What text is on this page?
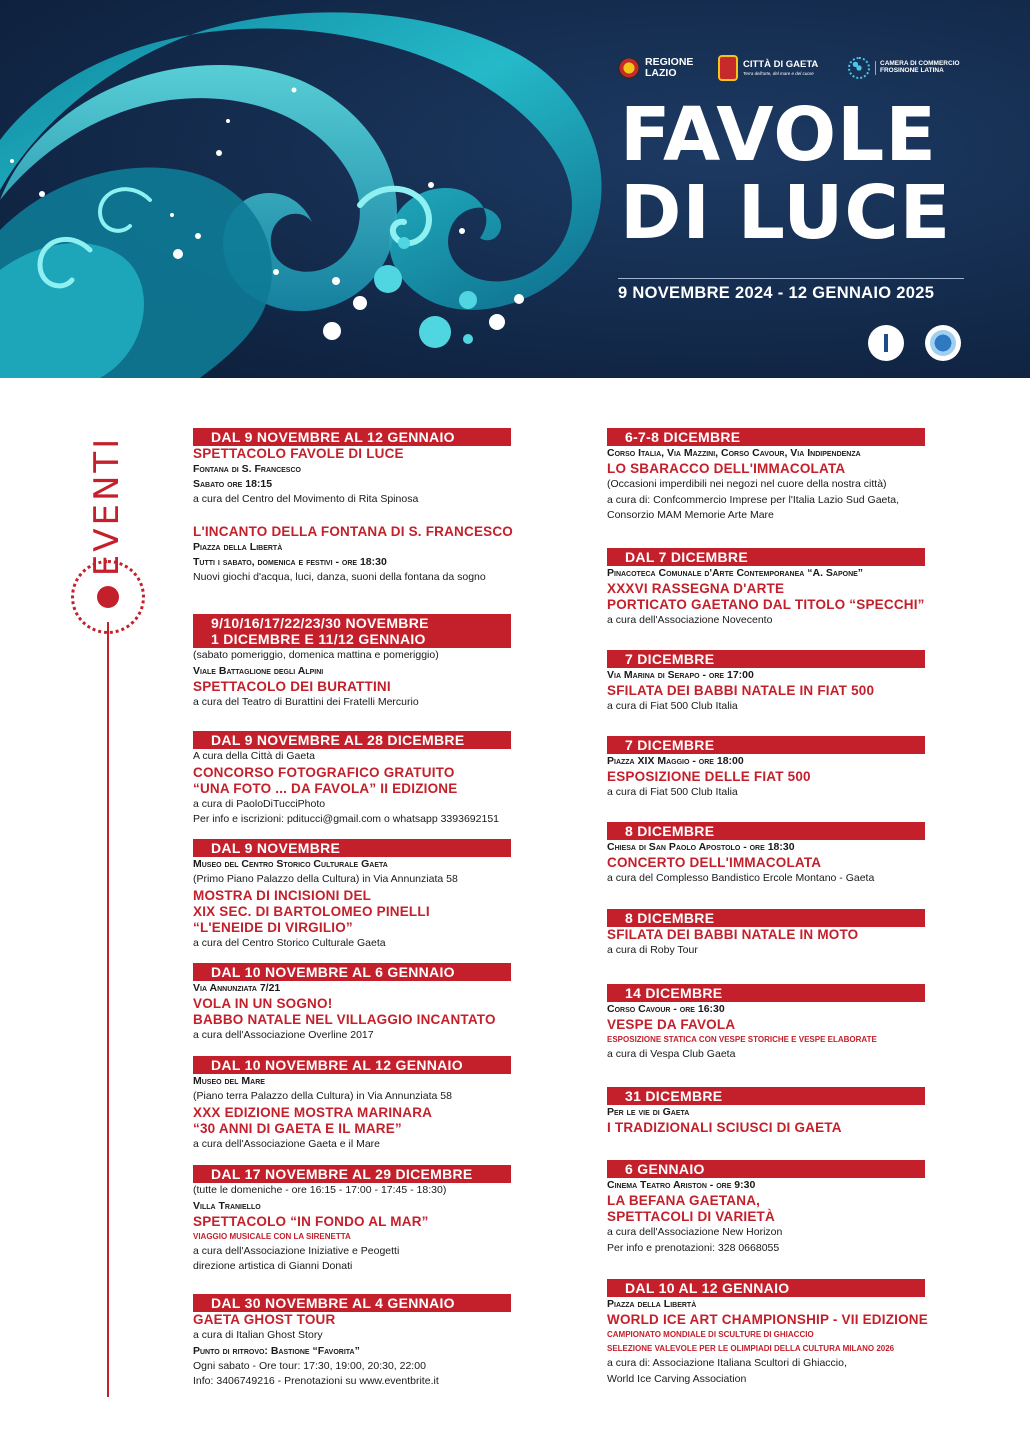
REGIONE LAZIO
CITTÀ DI GAETA
Terra dell'arte, del mare e del cuore
CAMERA DI COMMERCIO FROSINONE LATINA
FAVOLE
DI LUCE
9 NOVEMBRE 2024 - 12 GENNAIO 2025
EVENTI	DAL 9 NOVEMBRE AL 12 GENNAIO
SPETTACOLO FAVOLE DI LUCE
Fontana di S. Francesco
Sabato ore 18:15
a cura del Centro del Movimento di Rita Spinosa
L'INCANTO DELLA FONTANA DI S. FRANCESCO
Piazza della Libertà
Tutti i sabato, domenica e festivi - ore 18:30
Nuovi giochi d'acqua, luci, danza, suoni della fontana da sogno
9/10/16/17/22/23/30 NOVEMBRE
1 DICEMBRE E 11/12 GENNAIO
(sabato pomeriggio, domenica mattina e pomeriggio)
Viale Battaglione degli Alpini
SPETTACOLO DEI BURATTINI
a cura del Teatro di Burattini dei Fratelli Mercurio
DAL 9 NOVEMBRE AL 28 DICEMBRE
A cura della Città di Gaeta
CONCORSO FOTOGRAFICO GRATUITO
“UNA FOTO ... DA FAVOLA” II EDIZIONE
a cura di PaoloDiTucciPhoto
Per info e iscrizioni: pditucci@gmail.com o whatsapp 3393692151
DAL 9 NOVEMBRE
Museo del Centro Storico Culturale Gaeta
(Primo Piano Palazzo della Cultura) in Via Annunziata 58
MOSTRA DI INCISIONI DEL
XIX SEC. DI BARTOLOMEO PINELLI
“L'ENEIDE DI VIRGILIO”
a cura del Centro Storico Culturale Gaeta
DAL 10 NOVEMBRE AL 6 GENNAIO
Via Annunziata 7/21
VOLA IN UN SOGNO!
BABBO NATALE NEL VILLAGGIO INCANTATO
a cura dell'Associazione Overline 2017
DAL 10 NOVEMBRE AL 12 GENNAIO
Museo del Mare
(Piano terra Palazzo della Cultura) in Via Annunziata 58
XXX EDIZIONE MOSTRA MARINARA
“30 ANNI DI GAETA E IL MARE”
a cura dell'Associazione Gaeta e il Mare
DAL 17 NOVEMBRE AL 29 DICEMBRE
(tutte le domeniche - ore 16:15 - 17:00 - 17:45 - 18:30)
Villa Traniello
SPETTACOLO “IN FONDO AL MAR”
VIAGGIO MUSICALE CON LA SIRENETTA
a cura dell'Associazione Iniziative e Peogetti
direzione artistica di Gianni Donati
DAL 30 NOVEMBRE AL 4 GENNAIO
GAETA GHOST TOUR
a cura di Italian Ghost Story
Punto di ritrovo: Bastione “Favorita”
Ogni sabato - Ore tour: 17:30, 19:00, 20:30, 22:00
Info: 3406749216 - Prenotazioni su www.eventbrite.it
6-7-8 DICEMBRE
Corso Italia, Via Mazzini, Corso Cavour, Via Indipendenza
LO SBARACCO DELL'IMMACOLATA
(Occasioni imperdibili nei negozi nel cuore della nostra città)
a cura di: Confcommercio Imprese per l'Italia Lazio Sud Gaeta,
Consorzio MAM Memorie Arte Mare
DAL 7 DICEMBRE
Pinacoteca Comunale d'Arte Contemporanea “A. Sapone”
XXXVI RASSEGNA D'ARTE
PORTICATO GAETANO DAL TITOLO “SPECCHI”
a cura dell'Associazione Novecento
7 DICEMBRE
Via Marina di Serapo - ore 17:00
SFILATA DEI BABBI NATALE IN FIAT 500
a cura di Fiat 500 Club Italia
7 DICEMBRE
Piazza XIX Maggio - ore 18:00
ESPOSIZIONE DELLE FIAT 500
a cura di Fiat 500 Club Italia
8 DICEMBRE
Chiesa di San Paolo Apostolo - ore 18:30
CONCERTO DELL'IMMACOLATA
a cura del Complesso Bandistico Ercole Montano - Gaeta
8 DICEMBRE
SFILATA DEI BABBI NATALE IN MOTO
a cura di Roby Tour
14 DICEMBRE
Corso Cavour - ore 16:30
VESPE DA FAVOLA
ESPOSIZIONE STATICA CON VESPE STORICHE E VESPE ELABORATE
a cura di Vespa Club Gaeta
31 DICEMBRE
Per le vie di Gaeta
I TRADIZIONALI SCIUSCI DI GAETA
6 GENNAIO
Cinema Teatro Ariston - ore 9:30
LA BEFANA GAETANA,
SPETTACOLI DI VARIETÀ
a cura dell'Associazione New Horizon
Per info e prenotazioni: 328 0668055
DAL 10 AL 12 GENNAIO
Piazza della Libertà
WORLD ICE ART CHAMPIONSHIP - VII EDIZIONE
CAMPIONATO MONDIALE DI SCULTURE DI GHIACCIO
SELEZIONE VALEVOLE PER LE OLIMPIADI DELLA CULTURA MILANO 2026
a cura di: Associazione Italiana Scultori di Ghiaccio,
World Ice Carving Association
